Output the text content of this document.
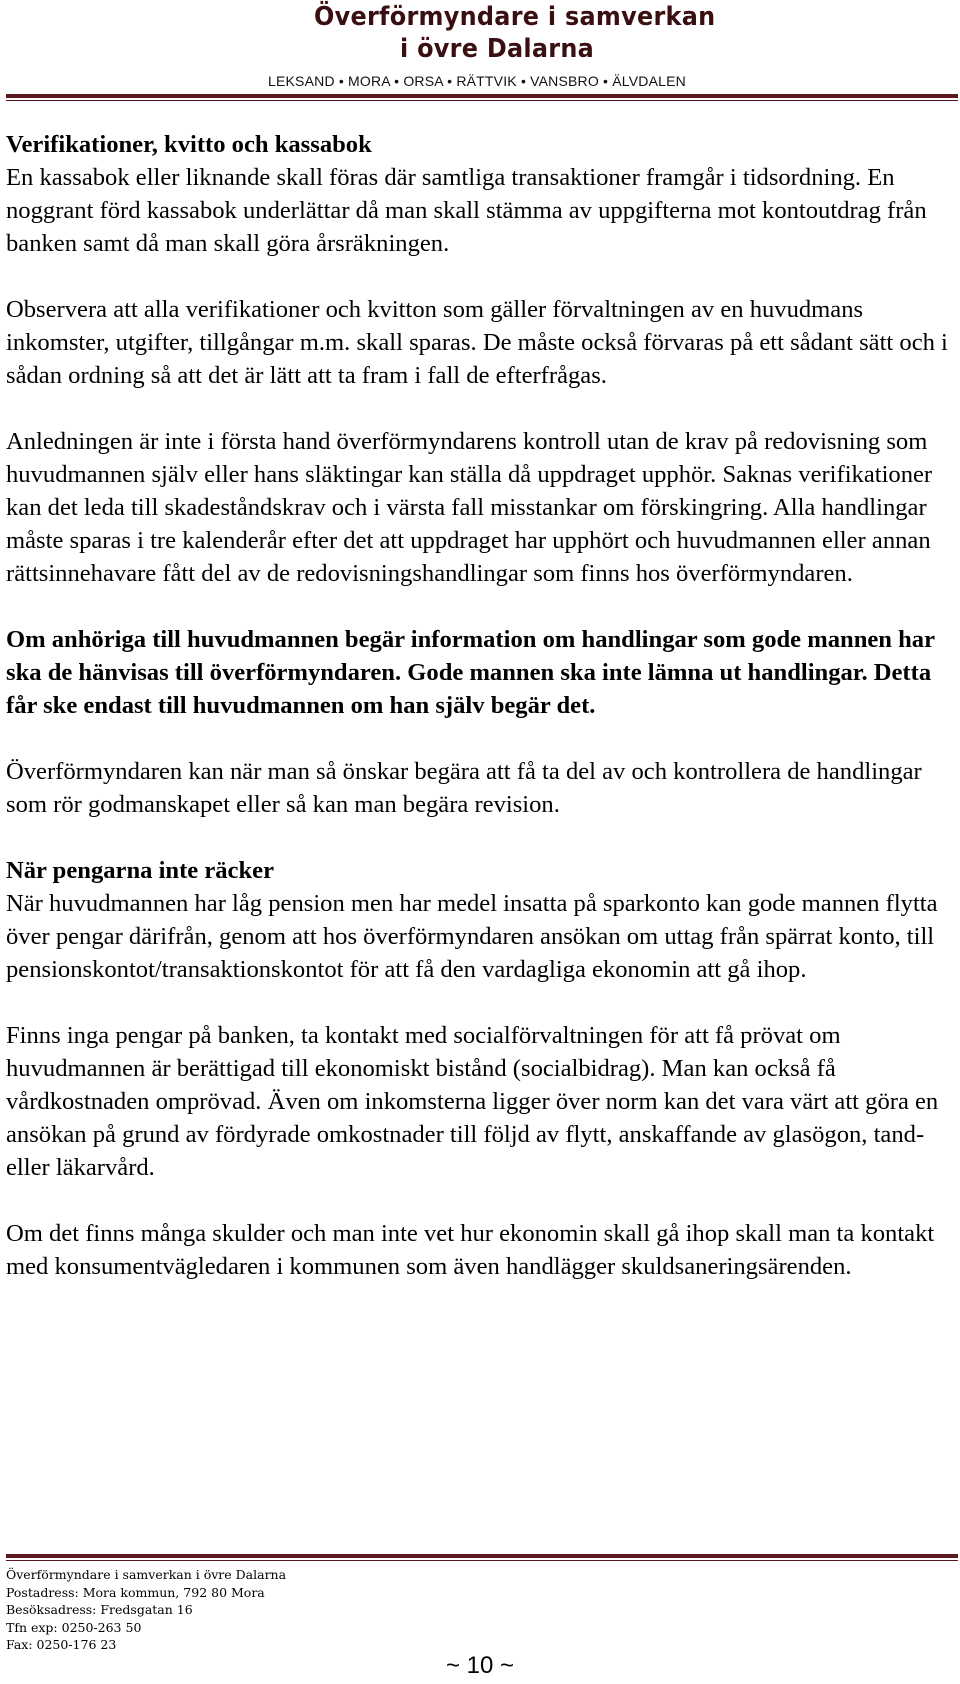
Överförmyndare i samverkan
i övre Dalarna
LEKSAND • MORA • ORSA • RÄTTVIK • VANSBRO • ÄLVDALEN

Verifikationer, kvitto och kassabok
En kassabok eller liknande skall föras där samtliga transaktioner framgår i tidsordning. En noggrant förd kassabok underlättar då man skall stämma av uppgifterna mot kontoutdrag från banken samt då man skall göra årsräkningen.

Observera att alla verifikationer och kvitton som gäller förvaltningen av en huvudmans inkomster, utgifter, tillgångar m.m. skall sparas. De måste också förvaras på ett sådant sätt och i sådan ordning så att det är lätt att ta fram i fall de efterfrågas.

Anledningen är inte i första hand överförmyndarens kontroll utan de krav på redovisning som huvudmannen själv eller hans släktingar kan ställa då uppdraget upphör. Saknas verifikationer kan det leda till skadeståndskrav och i värsta fall misstankar om förskingring. Alla handlingar måste sparas i tre kalenderår efter det att uppdraget har upphört och huvudmannen eller annan rättsinnehavare fått del av de redovisningshandlingar som finns hos överförmyndaren.

Om anhöriga till huvudmannen begär information om handlingar som gode mannen har ska de hänvisas till överförmyndaren. Gode mannen ska inte lämna ut handlingar. Detta får ske endast till huvudmannen om han själv begär det.

Överförmyndaren kan när man så önskar begära att få ta del av och kontrollera de handlingar som rör godmanskapet eller så kan man begära revision.

När pengarna inte räcker
När huvudmannen har låg pension men har medel insatta på sparkonto kan gode mannen flytta över pengar därifrån, genom att hos överförmyndaren ansökan om uttag från spärrat konto, till pensionskontot/transaktionskontot för att få den vardagliga ekonomin att gå ihop.

Finns inga pengar på banken, ta kontakt med socialförvaltningen för att få prövat om huvudmannen är berättigad till ekonomiskt bistånd (socialbidrag). Man kan också få vårdkostnaden omprövad. Även om inkomsterna ligger över norm kan det vara värt att göra en ansökan på grund av fördyrade omkostnader till följd av flytt, anskaffande av glasögon, tand- eller läkarvård.

Om det finns många skulder och man inte vet hur ekonomin skall gå ihop skall man ta kontakt med konsumentvägledaren i kommunen som även handlägger skuldsaneringsärenden.

Överförmyndare i samverkan i övre Dalarna
Postadress: Mora kommun, 792 80 Mora
Besöksadress: Fredsgatan 16
Tfn exp: 0250-263 50
Fax: 0250-176 23
~ 10 ~
